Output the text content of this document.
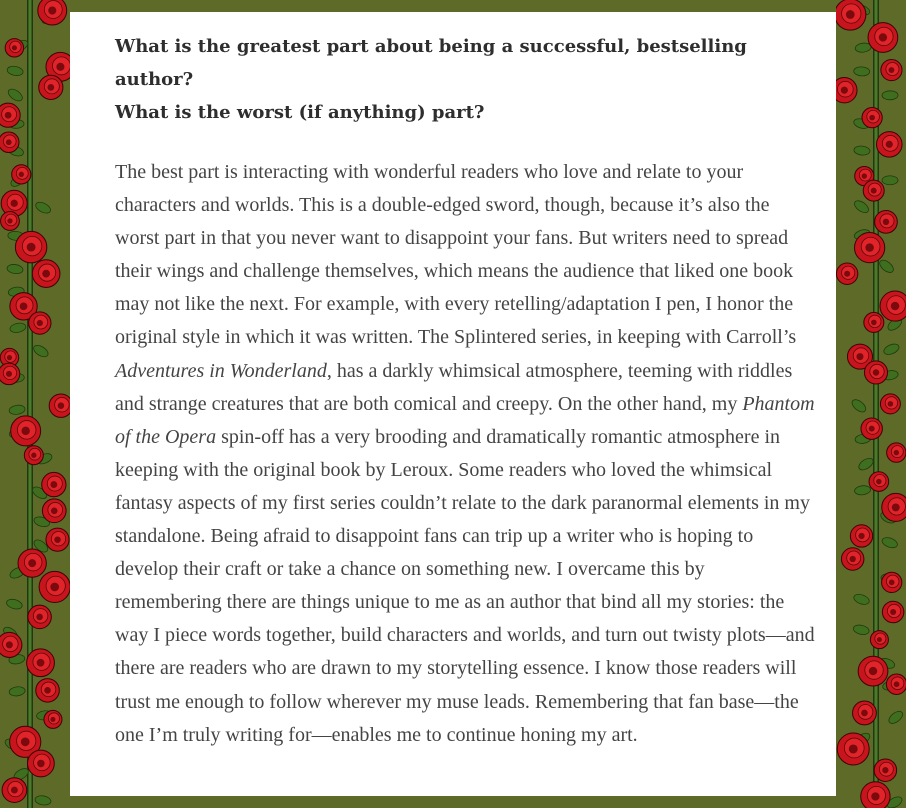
What is the greatest part about being a successful, bestselling author?
What is the worst (if anything) part?

The best part is interacting with wonderful readers who love and relate to your characters and worlds. This is a double-edged sword, though, because it’s also the worst part in that you never want to disappoint your fans. But writers need to spread their wings and challenge themselves, which means the audience that liked one book may not like the next. For example, with every retelling/adaptation I pen, I honor the original style in which it was written. The Splintered series, in keeping with Carroll’s Adventures in Wonderland, has a darkly whimsical atmosphere, teeming with riddles and strange creatures that are both comical and creepy. On the other hand, my Phantom of the Opera spin-off has a very brooding and dramatically romantic atmosphere in keeping with the original book by Leroux. Some readers who loved the whimsical fantasy aspects of my first series couldn’t relate to the dark paranormal elements in my standalone. Being afraid to disappoint fans can trip up a writer who is hoping to develop their craft or take a chance on something new. I overcame this by remembering there are things unique to me as an author that bind all my stories: the way I piece words together, build characters and worlds, and turn out twisty plots—and there are readers who are drawn to my storytelling essence. I know those readers will trust me enough to follow wherever my muse leads. Remembering that fan base—the one I’m truly writing for—enables me to continue honing my art.
